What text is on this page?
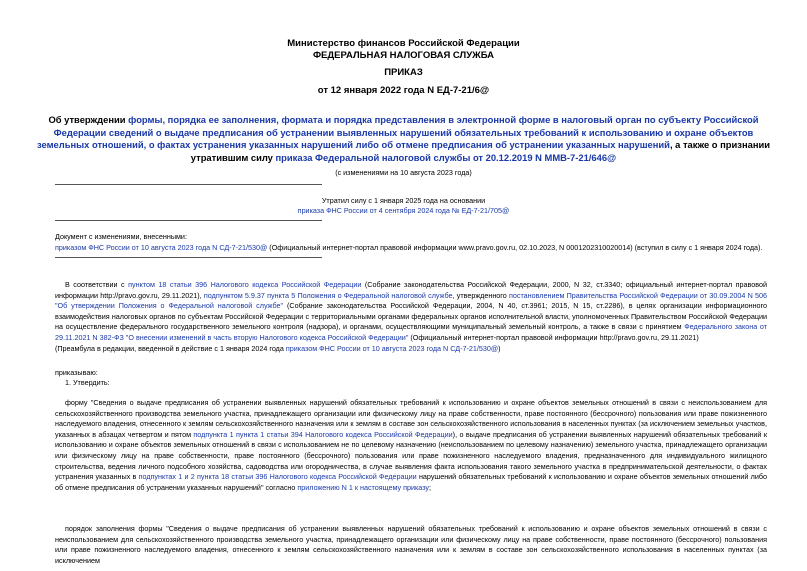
Министерство финансов Российской Федерации
ФЕДЕРАЛЬНАЯ НАЛОГОВАЯ СЛУЖБА
ПРИКАЗ
от 12 января 2022 года N ЕД-7-21/6@
Об утверждении формы, порядка ее заполнения, формата и порядка представления в электронной форме в налоговый орган по субъекту Российской Федерации сведений о выдаче предписания об устранении выявленных нарушений обязательных требований к использованию и охране объектов земельных отношений, о фактах устранения указанных нарушений либо об отмене предписания об устранении указанных нарушений, а также о признании утратившим силу приказа Федеральной налоговой службы от 20.12.2019 N ММВ-7-21/646@
(с изменениями на 10 августа 2023 года)
Утратил силу с 1 января 2025 года на основании
приказа ФНС России от 4 сентября 2024 года № ЕД-7-21/705@
Документ с изменениями, внесенными:
приказом ФНС России от 10 августа 2023 года N СД-7-21/530@ (Официальный интернет-портал правовой информации www.pravo.gov.ru, 02.10.2023, N 0001202310020014) (вступил в силу с 1 января 2024 года).
В соответствии с пунктом 18 статьи 396 Налогового кодекса Российской Федерации (Собрание законодательства Российской Федерации, 2000, N 32, ст.3340; официальный интернет-портал правовой информации http://pravo.gov.ru, 29.11.2021), подпунктом 5.9.37 пункта 5 Положения о Федеральной налоговой службе, утвержденного постановлением Правительства Российской Федерации от 30.09.2004 N 506 "Об утверждении Положения о Федеральной налоговой службе" (Собрание законодательства Российской Федерации, 2004, N 40, ст.3961; 2015, N 15, ст.2286), в целях организации информационного взаимодействия налоговых органов по субъектам Российской Федерации с территориальными органами федеральных органов исполнительной власти, уполномоченных Правительством Российской Федерации на осуществление федерального государственного земельного контроля (надзора), и органами, осуществляющими муниципальный земельный контроль, а также в связи с принятием Федерального закона от 29.11.2021 N 382-ФЗ "О внесении изменений в часть вторую Налогового кодекса Российской Федерации" (Официальный интернет-портал правовой информации http://pravo.gov.ru, 29.11.2021)
(Преамбула в редакции, введенной в действие с 1 января 2024 года приказом ФНС России от 10 августа 2023 года N СД-7-21/530@)
приказываю:
1. Утвердить:
форму "Сведения о выдаче предписания об устранении выявленных нарушений обязательных требований к использованию и охране объектов земельных отношений в связи с неиспользованием для сельскохозяйственного производства земельного участка, принадлежащего организации или физическому лицу на праве собственности, праве постоянного (бессрочного) пользования или праве пожизненного наследуемого владения, отнесенного к землям сельскохозяйственного назначения или к землям в составе зон сельскохозяйственного использования в населенных пунктах (за исключением земельных участков, указанных в абзацах четвертом и пятом подпункта 1 пункта 1 статьи 394 Налогового кодекса Российской Федерации), о выдаче предписания об устранении выявленных нарушений обязательных требований к использованию и охране объектов земельных отношений в связи с использованием не по целевому назначению (неиспользованием по целевому назначению) земельного участка, принадлежащего организации или физическому лицу на праве собственности, праве постоянного (бессрочного) пользования или праве пожизненного наследуемого владения, предназначенного для индивидуального жилищного строительства, ведения личного подсобного хозяйства, садоводства или огородничества, в случае выявления факта использования такого земельного участка в предпринимательской деятельности, о фактах устранения указанных в подпунктах 1 и 2 пункта 18 статьи 396 Налогового кодекса Российской Федерации нарушений обязательных требований к использованию и охране объектов земельных отношений либо об отмене предписания об устранении указанных нарушений" согласно приложению N 1 к настоящему приказу;
порядок заполнения формы "Сведения о выдаче предписания об устранении выявленных нарушений обязательных требований к использованию и охране объектов земельных отношений в связи с неиспользованием для сельскохозяйственного производства земельного участка, принадлежащего организации или физическому лицу на праве собственности, праве постоянного (бессрочного) пользования или праве пожизненного наследуемого владения, отнесенного к землям сельскохозяйственного назначения или к землям в составе зон сельскохозяйственного использования в населенных пунктах (за исключением
